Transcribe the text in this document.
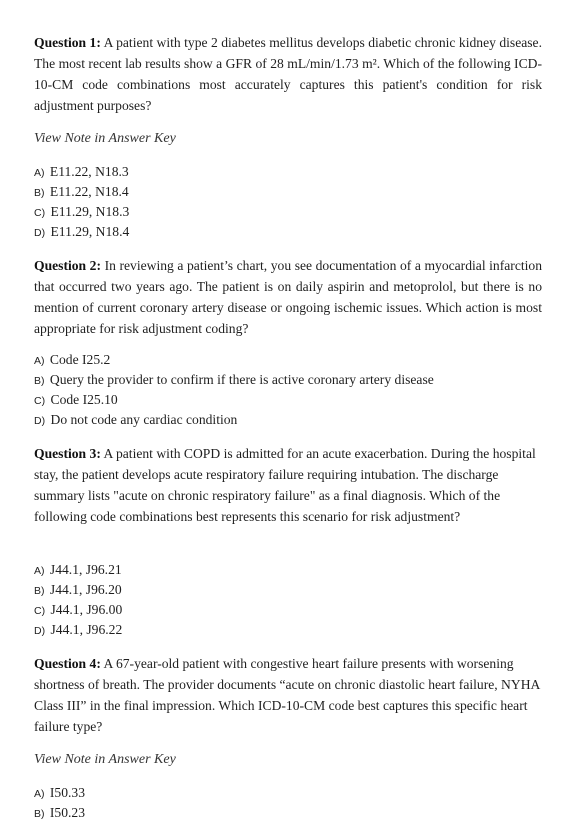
Question 1: A patient with type 2 diabetes mellitus develops diabetic chronic kidney disease. The most recent lab results show a GFR of 28 mL/min/1.73 m². Which of the following ICD-10-CM code combinations most accurately captures this patient's condition for risk adjustment purposes?
View Note in Answer Key
A) E11.22, N18.3
B) E11.22, N18.4
C) E11.29, N18.3
D) E11.29, N18.4
Question 2: In reviewing a patient’s chart, you see documentation of a myocardial infarction that occurred two years ago. The patient is on daily aspirin and metoprolol, but there is no mention of current coronary artery disease or ongoing ischemic issues. Which action is most appropriate for risk adjustment coding?
A) Code I25.2
B) Query the provider to confirm if there is active coronary artery disease
C) Code I25.10
D) Do not code any cardiac condition
Question 3: A patient with COPD is admitted for an acute exacerbation. During the hospital stay, the patient develops acute respiratory failure requiring intubation. The discharge summary lists "acute on chronic respiratory failure" as a final diagnosis. Which of the following code combinations best represents this scenario for risk adjustment?
A) J44.1, J96.21
B) J44.1, J96.20
C) J44.1, J96.00
D) J44.1, J96.22
Question 4: A 67-year-old patient with congestive heart failure presents with worsening shortness of breath. The provider documents “acute on chronic diastolic heart failure, NYHA Class III” in the final impression. Which ICD-10-CM code best captures this specific heart failure type?
View Note in Answer Key
A) I50.33
B) I50.23
